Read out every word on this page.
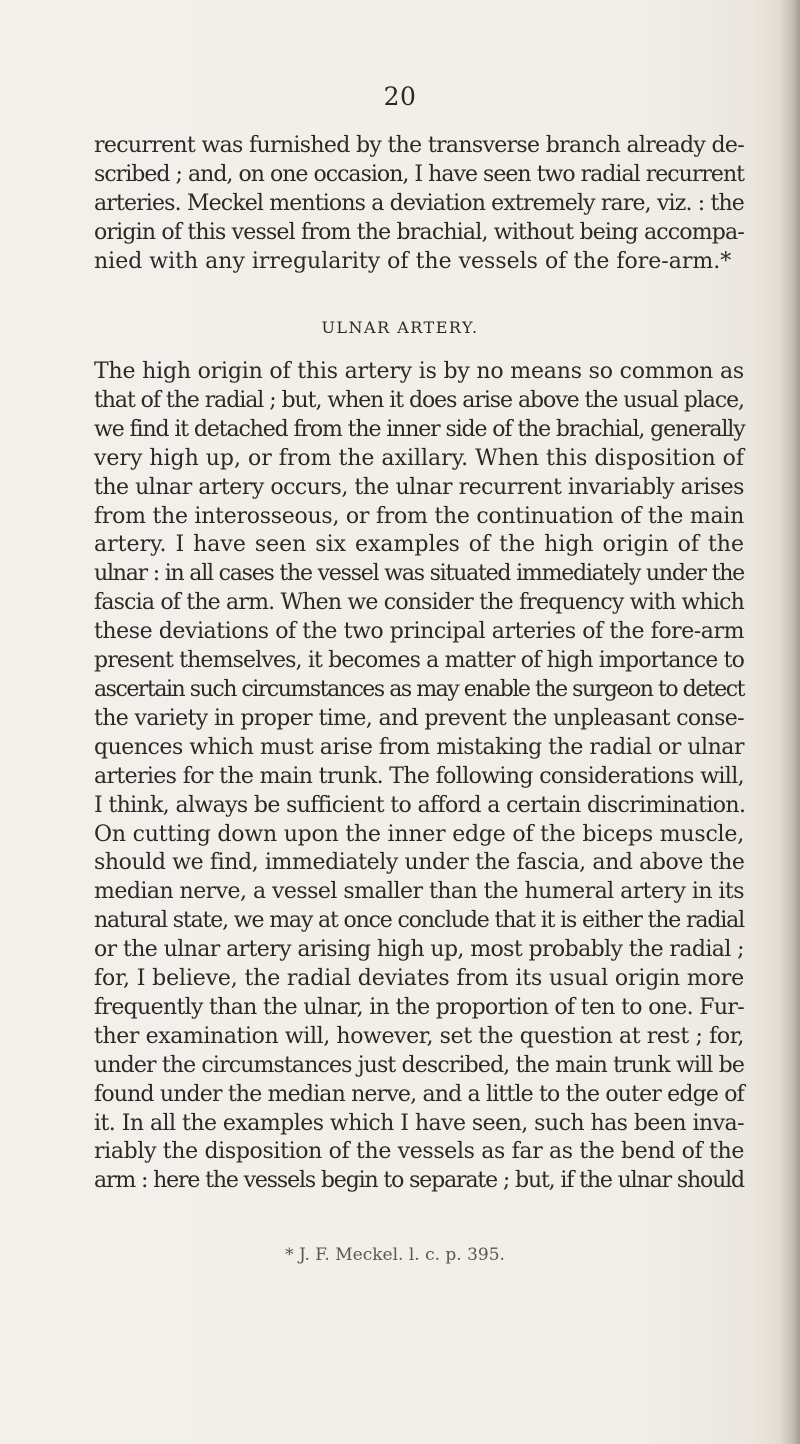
20

recurrent was furnished by the transverse branch already de-
scribed ; and, on one occasion, I have seen two radial recurrent
arteries. Meckel mentions a deviation extremely rare, viz. : the
origin of this vessel from the brachial, without being accompa-
nied with any irregularity of the vessels of the fore-arm.*

ULNAR ARTERY.

The high origin of this artery is by no means so common as
that of the radial ; but, when it does arise above the usual place,
we find it detached from the inner side of the brachial, generally
very high up, or from the axillary. When this disposition of
the ulnar artery occurs, the ulnar recurrent invariably arises
from the interosseous, or from the continuation of the main
artery. I have seen six examples of the high origin of the
ulnar : in all cases the vessel was situated immediately under the
fascia of the arm. When we consider the frequency with which
these deviations of the two principal arteries of the fore-arm
present themselves, it becomes a matter of high importance to
ascertain such circumstances as may enable the surgeon to detect
the variety in proper time, and prevent the unpleasant conse-
quences which must arise from mistaking the radial or ulnar
arteries for the main trunk. The following considerations will,
I think, always be sufficient to afford a certain discrimination.
On cutting down upon the inner edge of the biceps muscle,
should we find, immediately under the fascia, and above the
median nerve, a vessel smaller than the humeral artery in its
natural state, we may at once conclude that it is either the radial
or the ulnar artery arising high up, most probably the radial ;
for, I believe, the radial deviates from its usual origin more
frequently than the ulnar, in the proportion of ten to one. Fur-
ther examination will, however, set the question at rest ; for,
under the circumstances just described, the main trunk will be
found under the median nerve, and a little to the outer edge of
it. In all the examples which I have seen, such has been inva-
riably the disposition of the vessels as far as the bend of the
arm : here the vessels begin to separate ; but, if the ulnar should

* J. F. Meckel. l. c. p. 395.
